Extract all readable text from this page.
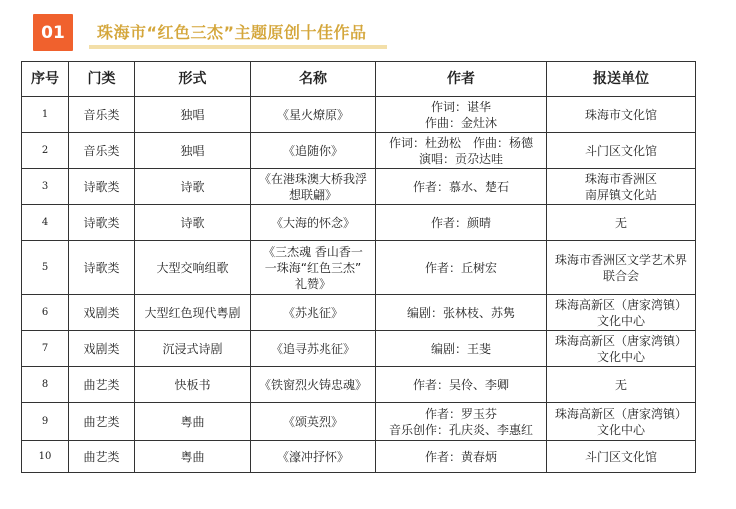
01	珠海市“红色三杰”主题原创十佳作品
序号	门类	形式	名称	作者	报送单位
1	音乐类	独唱	《星火燎原》	作词：谌华
作曲：金灶沐	珠海市文化馆

2	音乐类	独唱	《追随你》	作词：杜劲松　作曲：杨德
演唱：贡尕达哇	斗门区文化馆

3	诗歌类	诗歌	《在港珠澳大桥我浮
想联翩》	作者：慕水、楚石	珠海市香洲区
南屏镇文化站

4	诗歌类	诗歌	《大海的怀念》	作者：颜晴	无

5	诗歌类	大型交响组歌	《三杰魂 香山香一
一珠海“红色三杰”
礼赞》	作者：丘树宏	珠海市香洲区文学艺术界
联合会

6	戏剧类	大型红色现代粤剧	《苏兆征》	编剧：张林枝、苏隽	珠海高新区（唐家湾镇）
文化中心

7	戏剧类	沉浸式诗剧	《追寻苏兆征》	编剧：王斐	珠海高新区（唐家湾镇）
文化中心

8	曲艺类	快板书	《铁窗烈火铸忠魂》	作者：吴伶、李卿	无

9	曲艺类	粤曲	《颂英烈》	作者：罗玉芬
音乐创作：孔庆炎、李惠红	珠海高新区（唐家湾镇）
文化中心

10	曲艺类	粤曲	《濠冲抒怀》	作者：黄春炳	斗门区文化馆
